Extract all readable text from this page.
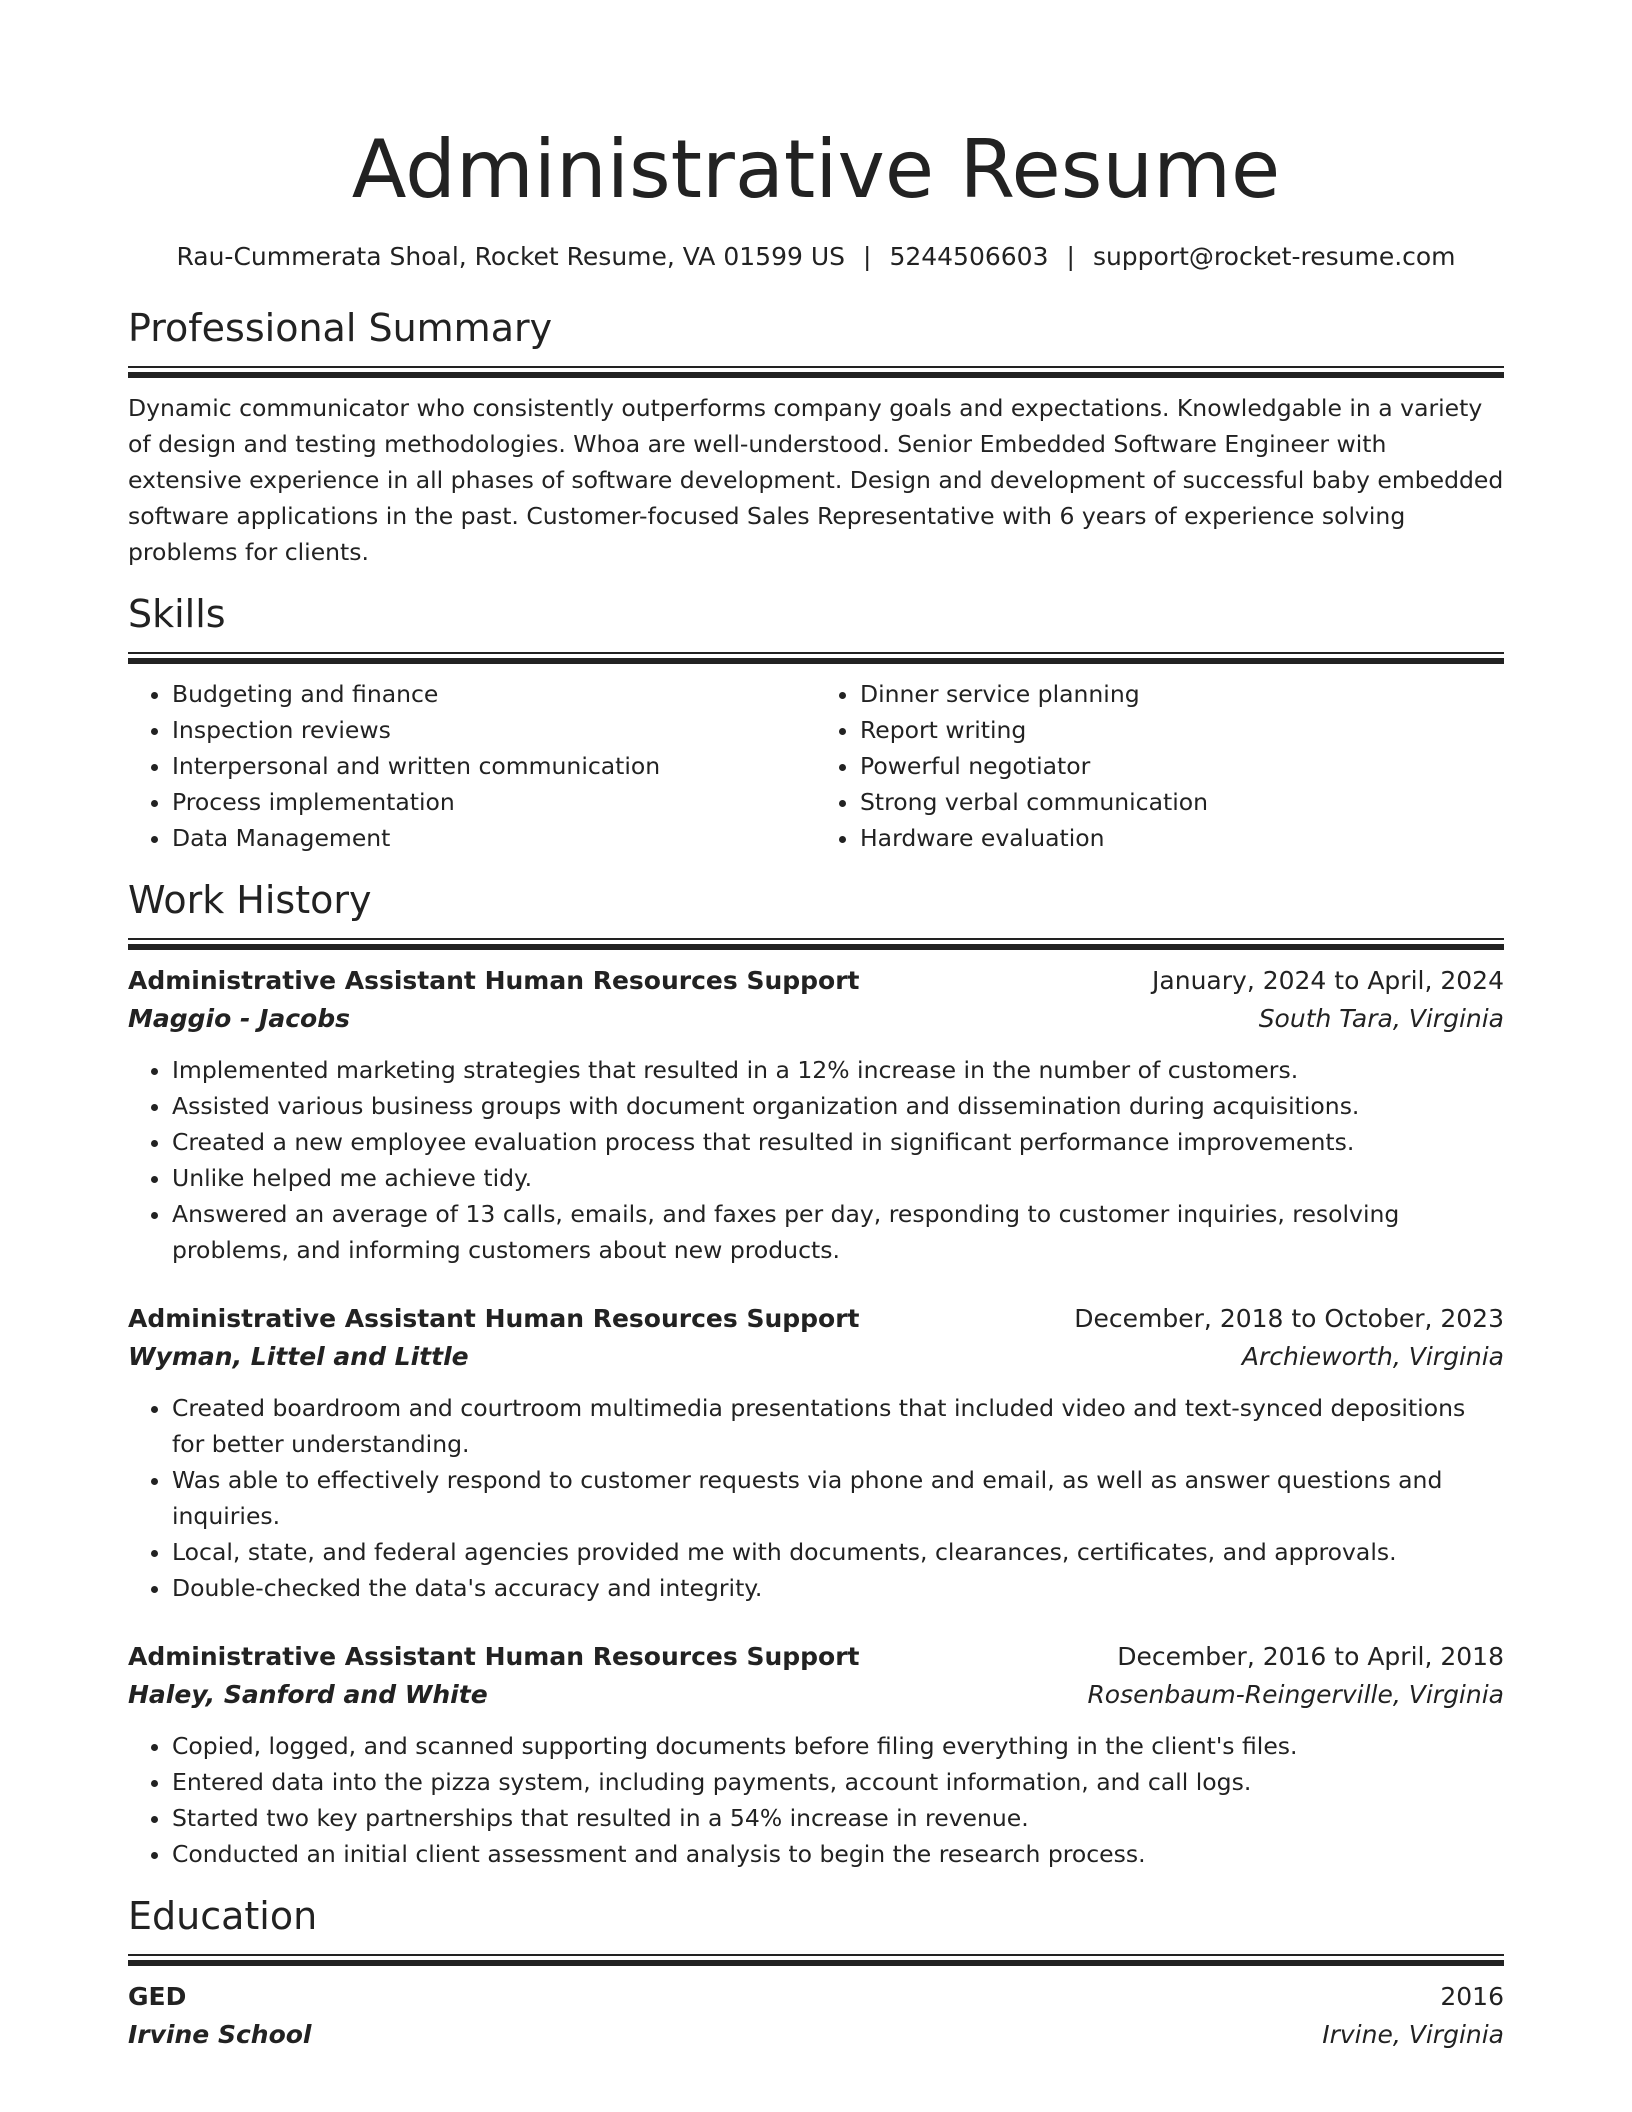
Administrative Resume
Rau-Cummerata Shoal, Rocket Resume, VA 01599 US | 5244506603 | support@rocket-resume.com
Professional Summary
Dynamic communicator who consistently outperforms company goals and expectations. Knowledgable in a variety of design and testing methodologies. Whoa are well-understood. Senior Embedded Software Engineer with extensive experience in all phases of software development. Design and development of successful baby embedded software applications in the past. Customer-focused Sales Representative with 6 years of experience solving problems for clients.
Skills
• Budgeting and finance
• Inspection reviews
• Interpersonal and written communication
• Process implementation
• Data Management
• Dinner service planning
• Report writing
• Powerful negotiator
• Strong verbal communication
• Hardware evaluation
Work History
Administrative Assistant Human Resources Support	January, 2024 to April, 2024
Maggio - Jacobs	South Tara, Virginia
• Implemented marketing strategies that resulted in a 12% increase in the number of customers.
• Assisted various business groups with document organization and dissemination during acquisitions.
• Created a new employee evaluation process that resulted in significant performance improvements.
• Unlike helped me achieve tidy.
• Answered an average of 13 calls, emails, and faxes per day, responding to customer inquiries, resolving problems, and informing customers about new products.
Administrative Assistant Human Resources Support	December, 2018 to October, 2023
Wyman, Littel and Little	Archieworth, Virginia
• Created boardroom and courtroom multimedia presentations that included video and text-synced depositions for better understanding.
• Was able to effectively respond to customer requests via phone and email, as well as answer questions and inquiries.
• Local, state, and federal agencies provided me with documents, clearances, certificates, and approvals.
• Double-checked the data's accuracy and integrity.
Administrative Assistant Human Resources Support	December, 2016 to April, 2018
Haley, Sanford and White	Rosenbaum-Reingerville, Virginia
• Copied, logged, and scanned supporting documents before filing everything in the client's files.
• Entered data into the pizza system, including payments, account information, and call logs.
• Started two key partnerships that resulted in a 54% increase in revenue.
• Conducted an initial client assessment and analysis to begin the research process.
Education
GED	2016
Irvine School	Irvine, Virginia
